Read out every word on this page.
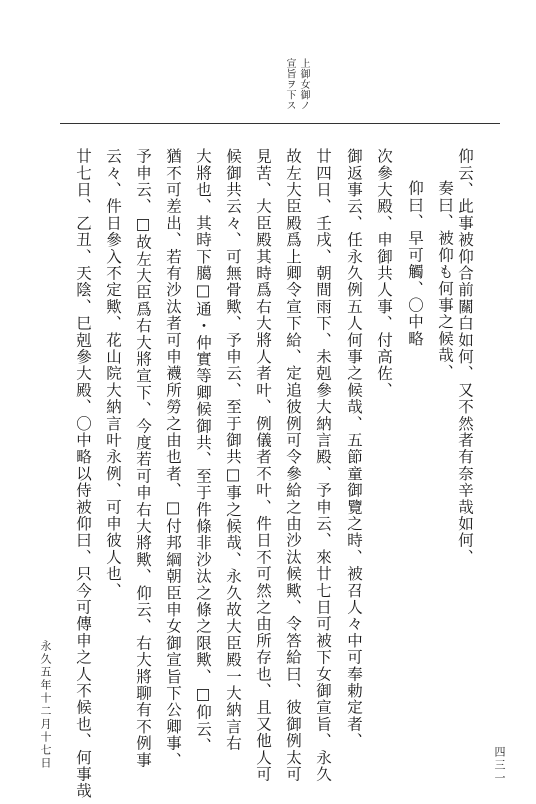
上御女御ノ
宣旨ヲ下ス
仰云、此事被仰合前關白如何、又不然者有奈辛哉如何、
奏曰、被仰も何事之候哉、
仰曰、早可觸、〇中略
次參大殿、申御共人事、付高佐、
御返事云、任永久例五人何事之候哉、五節童御覽之時、被召人々中可奉勅定者、
廿四日、壬戌、朝間雨下、未剋參大納言殿、予申云、來廿七日可被下女御宣旨、永久
故左大臣殿爲上卿令宣下給、定追彼例可令參給之由沙汰候歟、令答給曰、彼御例太可
見苦、大臣殿其時爲右大將人者叶、例儀者不叶、件日不可然之由所存也、且又他人可
候御共云々、可無骨歟、予申云、至于御共□事之候哉、永久故大臣殿一大納言右
大將也、其時下臈□通・仲實等卿候御共、至于件條非沙汰之條之限歟、□仰云、
猶不可差出、若有沙汰者可申襪所勞之由也者、□付邦綱朝臣申女御宣旨下公卿事、
予申云、□故左大臣爲右大將宣下、今度若可申右大將歟、仰云、右大將聊有不例事
云々、件日參入不定歟、花山院大納言叶永例、可申彼人也、
廿七日、乙丑、天陰、巳剋參大殿、〇中略以侍被仰曰、只今可傳申之人不候也、何事哉
永久五年十二月十七日	四三一
